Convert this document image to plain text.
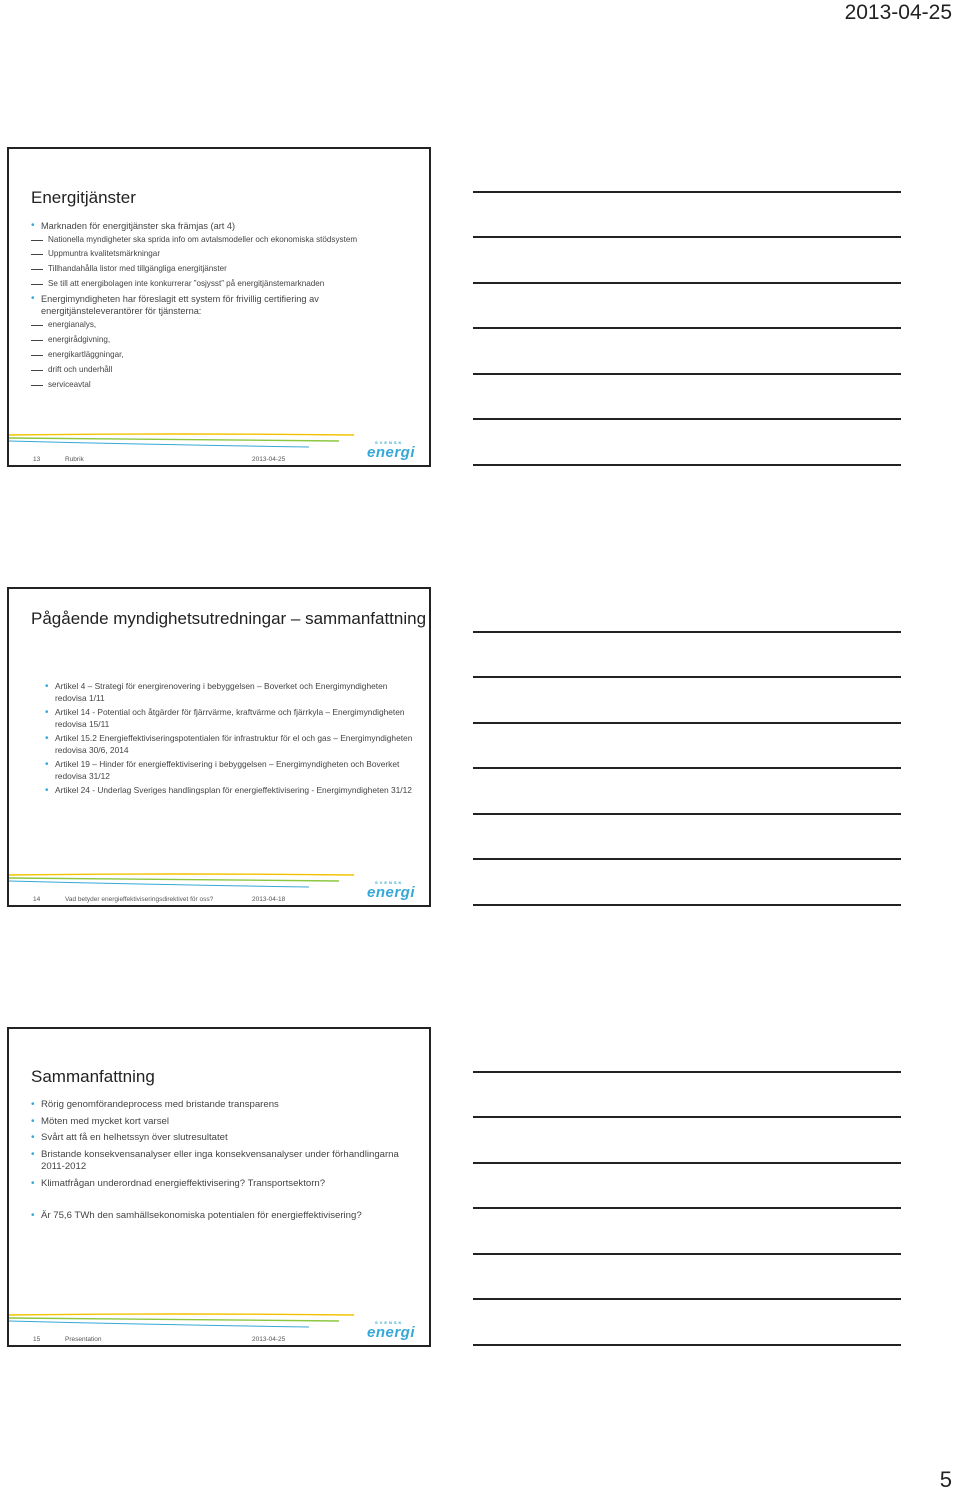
2013-04-25
Energitjänster
• Marknaden för energitjänster ska främjas (art 4)
Nationella myndigheter ska sprida info om avtalsmodeller och ekonomiska stödsystem
Uppmuntra kvalitetsmärkningar
Tillhandahålla listor med tillgängliga energitjänster
Se till att energibolagen inte konkurrerar ”osjysst” på energitjänstemarknaden
• Energimyndigheten har föreslagit ett system för frivillig certifiering av energitjänsteleverantörer för tjänsterna:
energianalys,
energirådgivning,
energikartläggningar,
drift och underhåll
serviceavtal
SVENSK
energi
13	Rubrik	2013-04-25
Pågående myndighetsutredningar – sammanfattning
• Artikel 4 – Strategi för energirenovering i bebyggelsen – Boverket och Energimyndigheten redovisa 1/11
• Artikel 14 - Potential och åtgärder för fjärrvärme, kraftvärme och fjärrkyla – Energimyndigheten redovisa 15/11
• Artikel 15.2 Energieffektiviseringspotentialen för infrastruktur för el och gas – Energimyndigheten redovisa 30/6, 2014
• Artikel 19 – Hinder för energieffektivisering i bebyggelsen – Energimyndigheten och Boverket redovisa 31/12
• Artikel 24 - Underlag Sveriges handlingsplan för energieffektivisering - Energimyndigheten 31/12
SVENSK
energi
14	Vad betyder energieffektiviseringsdirektivet för oss?	2013-04-18
Sammanfattning
• Rörig genomförandeprocess med bristande transparens
• Möten med mycket kort varsel
• Svårt att få en helhetssyn över slutresultatet
• Bristande konsekvensanalyser eller inga konsekvensanalyser under förhandlingarna 2011-2012
• Klimatfrågan underordnad energieffektivisering? Transportsektorn?
• Är 75,6 TWh den samhällsekonomiska potentialen för energieffektivisering?
SVENSK
energi
15	Presentation	2013-04-25
5
